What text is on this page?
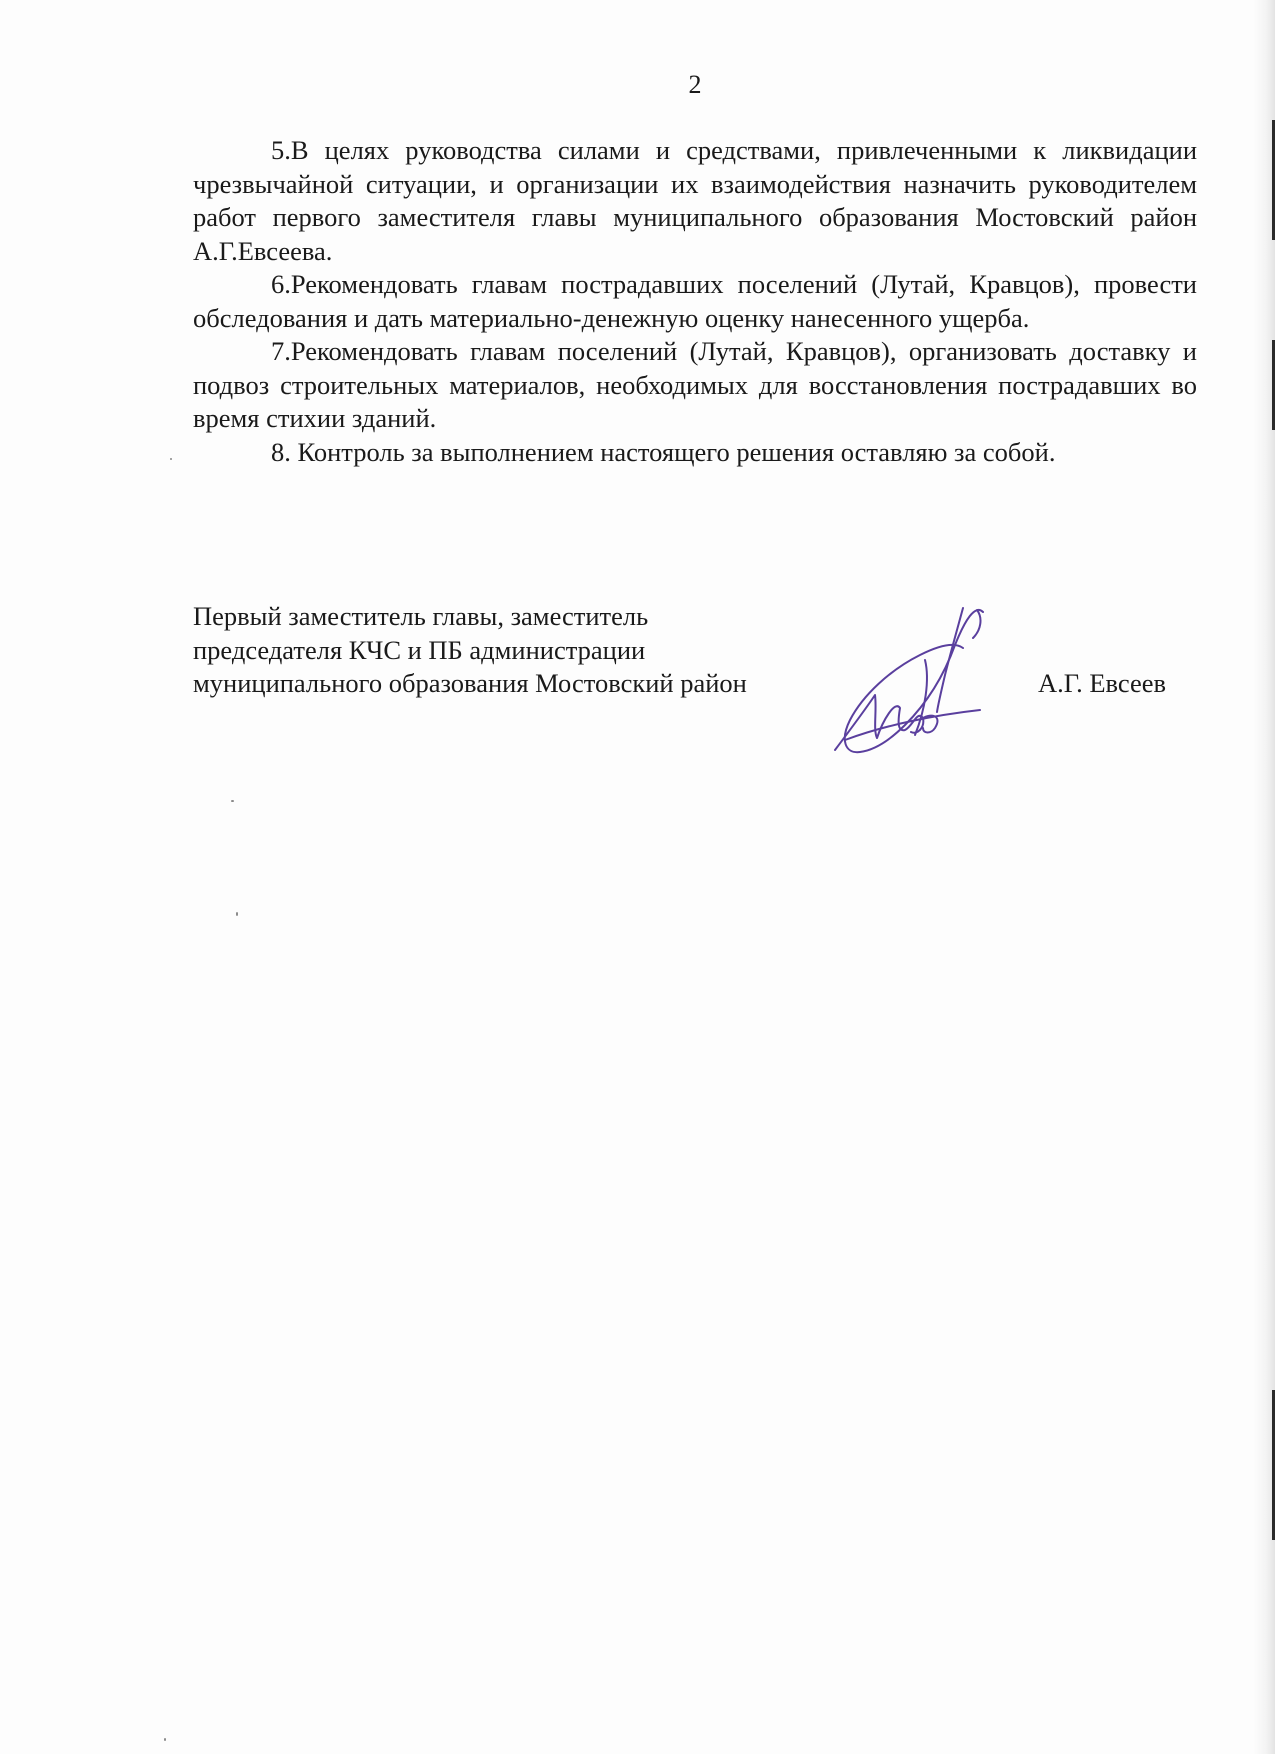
2

5.В целях руководства силами и средствами, привлеченными к ликвидации чрезвычайной ситуации, и организации их взаимодействия назначить руководителем работ первого заместителя главы муниципального образования Мостовский район А.Г.Евсеева.

6.Рекомендовать главам пострадавших поселений (Лутай, Кравцов), провести обследования и дать материально-денежную оценку нанесенного ущерба.

7.Рекомендовать главам поселений (Лутай, Кравцов), организовать доставку и подвоз строительных материалов, необходимых для восстановления пострадавших во время стихии зданий.

8. Контроль за выполнением настоящего решения оставляю за собой.

Первый заместитель главы, заместитель
председателя КЧС и ПБ администрации
муниципального образования Мостовский район	А.Г. Евсеев
